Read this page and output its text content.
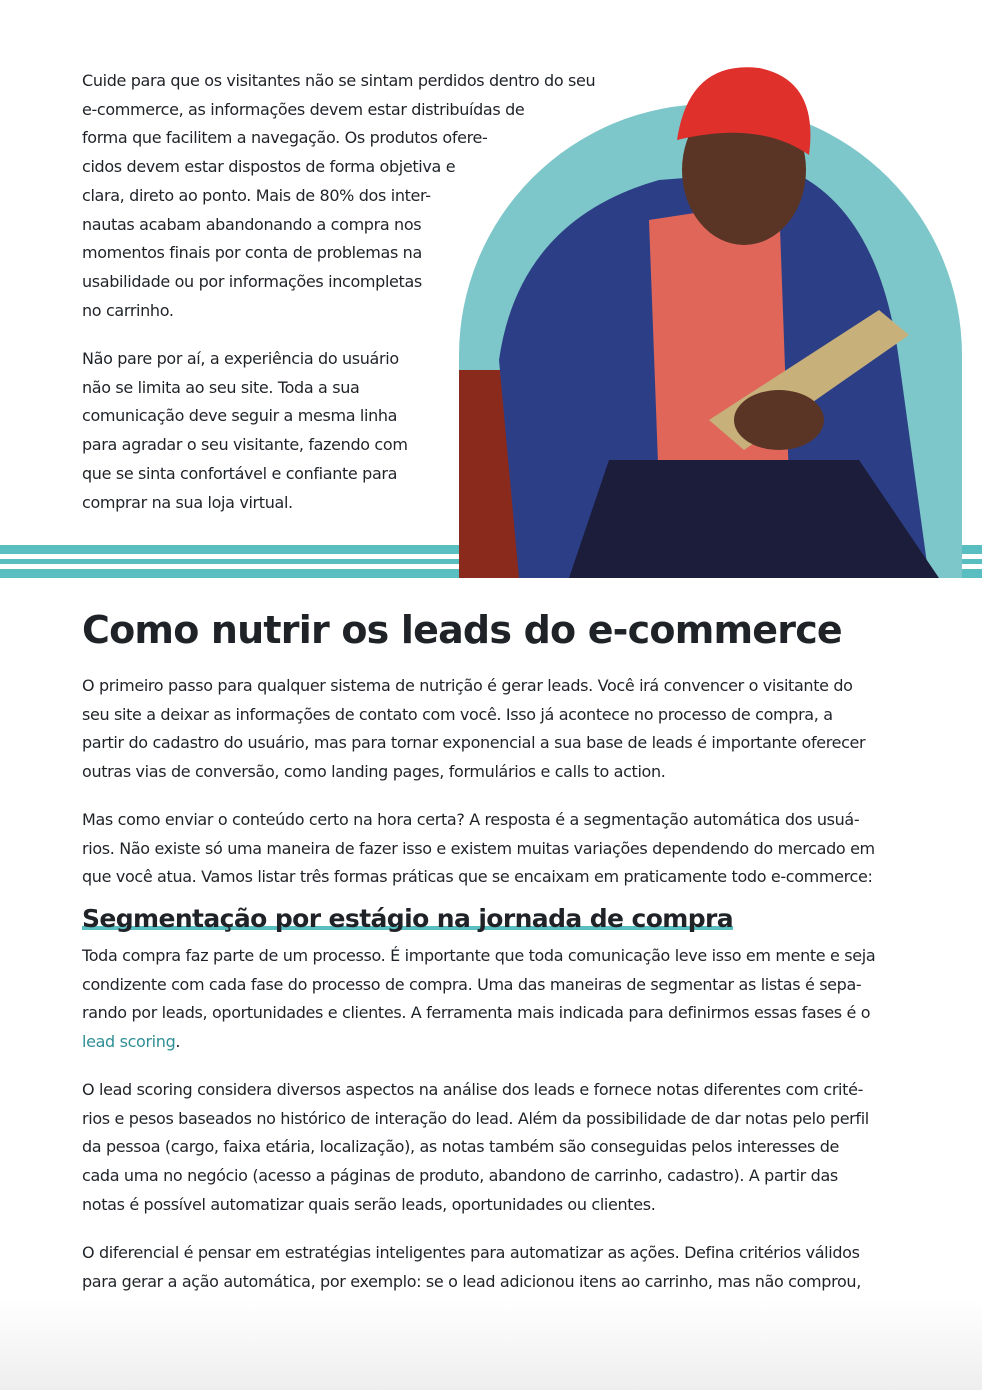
Cuide para que os visitantes não se sintam perdidos dentro do seu
e-commerce, as informações devem estar distribuídas de
forma que facilitem a navegação. Os produtos ofere-
cidos devem estar dispostos de forma objetiva e
clara, direto ao ponto. Mais de 80% dos inter-
nautas acabam abandonando a compra nos
momentos finais por conta de problemas na
usabilidade ou por informações incompletas
no carrinho.
Não pare por aí, a experiência do usuário
não se limita ao seu site. Toda a sua
comunicação deve seguir a mesma linha
para agradar o seu visitante, fazendo com
que se sinta confortável e confiante para
comprar na sua loja virtual.
Como nutrir os leads do e-commerce
O primeiro passo para qualquer sistema de nutrição é gerar leads. Você irá convencer o visitante do
seu site a deixar as informações de contato com você. Isso já acontece no processo de compra, a
partir do cadastro do usuário, mas para tornar exponencial a sua base de leads é importante oferecer
outras vias de conversão, como landing pages, formulários e calls to action.
Mas como enviar o conteúdo certo na hora certa? A resposta é a segmentação automática dos usuá-
rios. Não existe só uma maneira de fazer isso e existem muitas variações dependendo do mercado em
que você atua. Vamos listar três formas práticas que se encaixam em praticamente todo e-commerce:
Segmentação por estágio na jornada de compra
Toda compra faz parte de um processo. É importante que toda comunicação leve isso em mente e seja
condizente com cada fase do processo de compra. Uma das maneiras de segmentar as listas é sepa-
rando por leads, oportunidades e clientes. A ferramenta mais indicada para definirmos essas fases é o
lead scoring.
O lead scoring considera diversos aspectos na análise dos leads e fornece notas diferentes com crité-
rios e pesos baseados no histórico de interação do lead. Além da possibilidade de dar notas pelo perfil
da pessoa (cargo, faixa etária, localização), as notas também são conseguidas pelos interesses de
cada uma no negócio (acesso a páginas de produto, abandono de carrinho, cadastro). A partir das
notas é possível automatizar quais serão leads, oportunidades ou clientes.
O diferencial é pensar em estratégias inteligentes para automatizar as ações. Defina critérios válidos
para gerar a ação automática, por exemplo: se o lead adicionou itens ao carrinho, mas não comprou,
